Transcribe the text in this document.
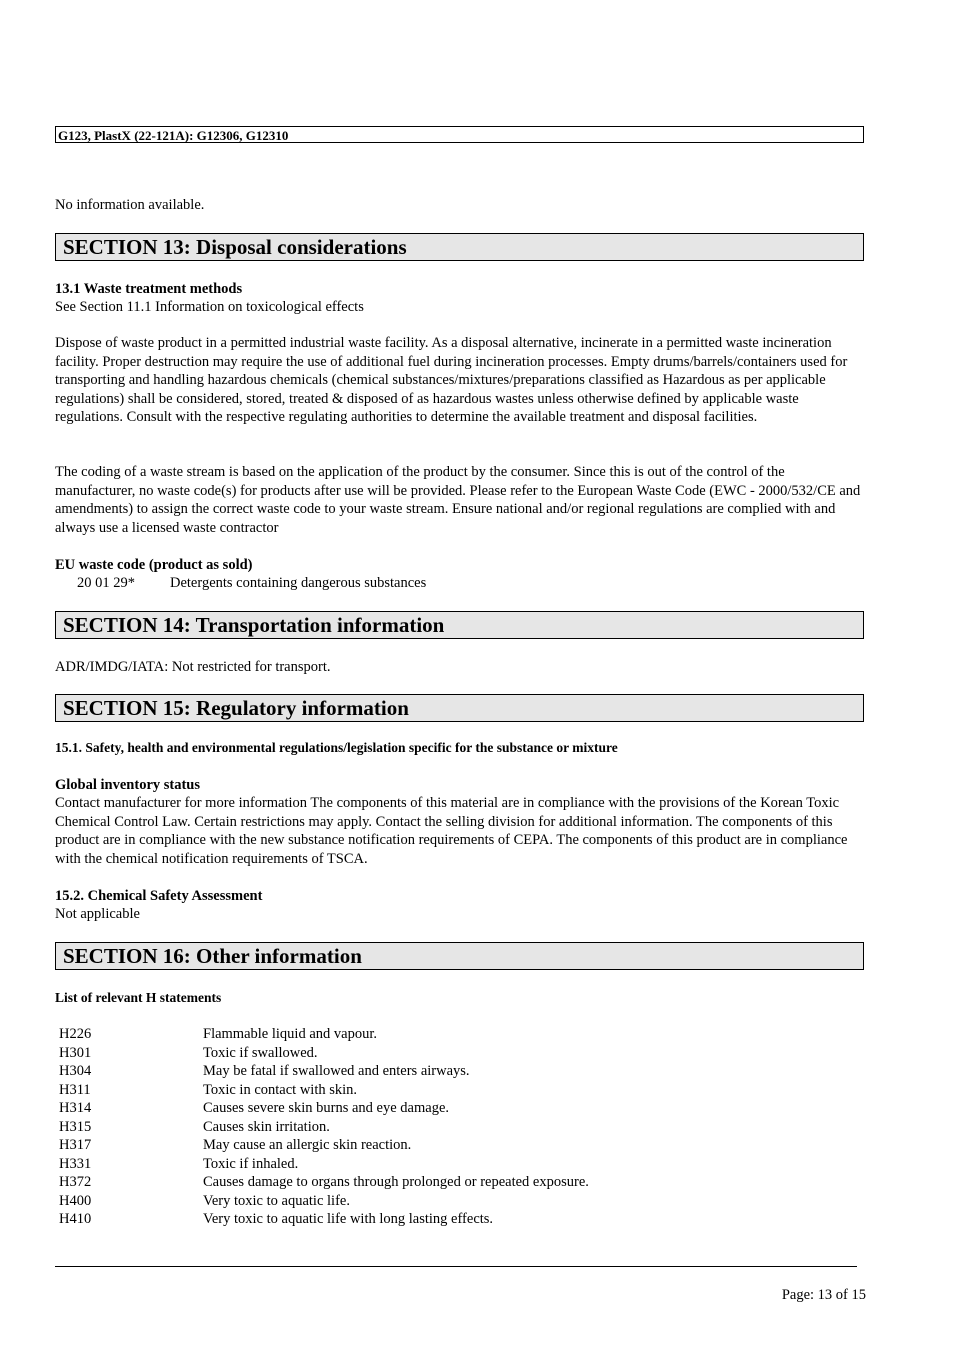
G123, PlastX (22-121A): G12306, G12310
No information available.
SECTION 13: Disposal considerations
13.1 Waste treatment methods
See Section 11.1 Information on toxicological effects
Dispose of waste product in a permitted industrial waste facility. As a disposal alternative, incinerate in a permitted waste incineration facility. Proper destruction may require the use of additional fuel during incineration processes. Empty drums/barrels/containers used for transporting and handling hazardous chemicals (chemical substances/mixtures/preparations classified as Hazardous as per applicable regulations) shall be considered, stored, treated & disposed of as hazardous wastes unless otherwise defined by applicable waste regulations. Consult with the respective regulating authorities to determine the available treatment and disposal facilities.
The coding of a waste stream is based on the application of the product by the consumer. Since this is out of the control of the manufacturer, no waste code(s) for products after use will be provided. Please refer to the European Waste Code (EWC - 2000/532/CE and amendments) to assign the correct waste code to your waste stream. Ensure national and/or regional regulations are complied with and always use a licensed waste contractor
EU waste code (product as sold)
20 01 29* Detergents containing dangerous substances
SECTION 14: Transportation information
ADR/IMDG/IATA: Not restricted for transport.
SECTION 15: Regulatory information
15.1. Safety, health and environmental regulations/legislation specific for the substance or mixture
Global inventory status
Contact manufacturer for more information The components of this material are in compliance with the provisions of the Korean Toxic Chemical Control Law. Certain restrictions may apply. Contact the selling division for additional information. The components of this product are in compliance with the new substance notification requirements of CEPA. The components of this product are in compliance with the chemical notification requirements of TSCA.
15.2. Chemical Safety Assessment
Not applicable
SECTION 16: Other information
List of relevant H statements
H226	Flammable liquid and vapour.
H301	Toxic if swallowed.
H304	May be fatal if swallowed and enters airways.
H311	Toxic in contact with skin.
H314	Causes severe skin burns and eye damage.
H315	Causes skin irritation.
H317	May cause an allergic skin reaction.
H331	Toxic if inhaled.
H372	Causes damage to organs through prolonged or repeated exposure.
H400	Very toxic to aquatic life.
H410	Very toxic to aquatic life with long lasting effects.
Page: 13 of 15
